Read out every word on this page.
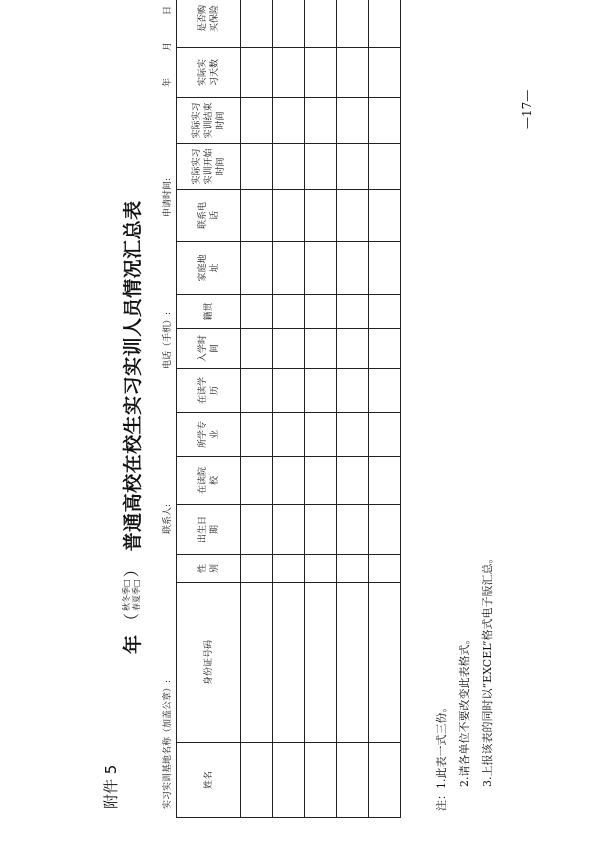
附件 5
年
（
秋冬季□ 春夏季□
）
普通高校在校生实习实训人员情况汇总表
实习实训基地名称（加盖公章）:
联系人:
电话（手机）:
申请时间:
年
月
日
姓名	身份证号码	性别	出生日期	在读院校	所学专业	在读学历	入学时间	籍贯	家庭地址	联系电话	实际实习实训开始时间	实际实习实训结束时间	实际实习天数	是否购买保险

注：1.此表一式三份。 2.请各单位不要改变此表格式。 3.上报该表的同时以“EXCEL”格式电子版汇总。
—17—
